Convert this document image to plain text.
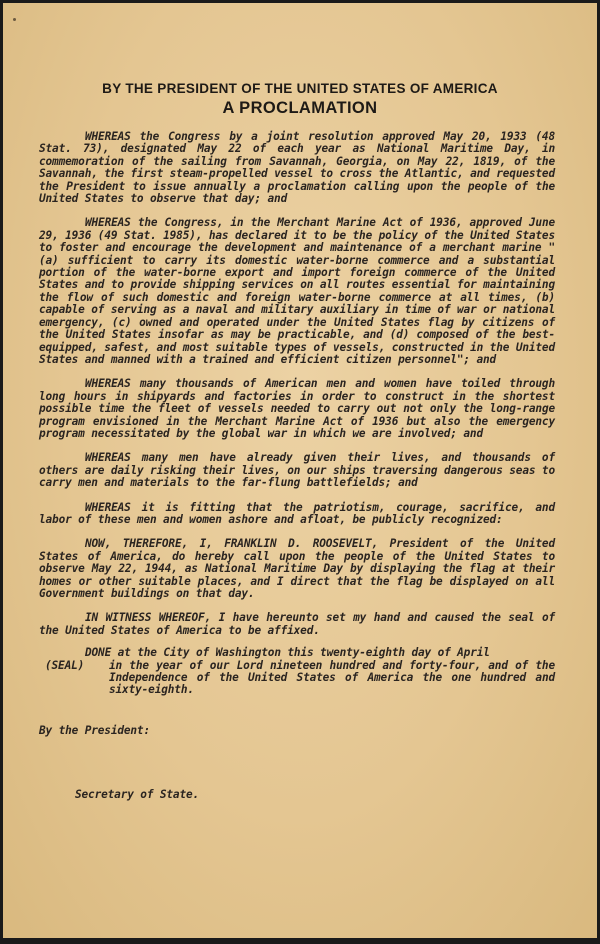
BY THE PRESIDENT OF THE UNITED STATES OF AMERICA
A PROCLAMATION

WHEREAS the Congress by a joint resolution approved May 20, 1933 (48 Stat. 73), designated May 22 of each year as National Maritime Day, in commemoration of the sailing from Savannah, Georgia, on May 22, 1819, of the Savannah, the first steam-propelled vessel to cross the Atlantic, and requested the President to issue annually a proclamation calling upon the people of the United States to observe that day; and

WHEREAS the Congress, in the Merchant Marine Act of 1936, approved June 29, 1936 (49 Stat. 1985), has declared it to be the policy of the United States to foster and encourage the development and maintenance of a merchant marine "(a) sufficient to carry its domestic water-borne commerce and a substantial portion of the water-borne export and import foreign commerce of the United States and to provide shipping services on all routes essential for maintaining the flow of such domestic and foreign water-borne commerce at all times, (b) capable of serving as a naval and military auxiliary in time of war or national emergency, (c) owned and operated under the United States flag by citizens of the United States insofar as may be practicable, and (d) composed of the best-equipped, safest, and most suitable types of vessels, constructed in the United States and manned with a trained and efficient citizen personnel"; and

WHEREAS many thousands of American men and women have toiled through long hours in shipyards and factories in order to construct in the shortest possible time the fleet of vessels needed to carry out not only the long-range program envisioned in the Merchant Marine Act of 1936 but also the emergency program necessitated by the global war in which we are involved; and

WHEREAS many men have already given their lives, and thousands of others are daily risking their lives, on our ships traversing dangerous seas to carry men and materials to the far-flung battlefields; and

WHEREAS it is fitting that the patriotism, courage, sacrifice, and labor of these men and women ashore and afloat, be publicly recognized:

NOW, THEREFORE, I, FRANKLIN D. ROOSEVELT, President of the United States of America, do hereby call upon the people of the United States to observe May 22, 1944, as National Maritime Day by displaying the flag at their homes or other suitable places, and I direct that the flag be displayed on all Government buildings on that day.

IN WITNESS WHEREOF, I have hereunto set my hand and caused the seal of the United States of America to be affixed.

DONE at the City of Washington this twenty-eighth day of April
(SEAL)	in the year of our Lord nineteen hundred and forty-four, and of the Independence of the United States of America the one hundred and sixty-eighth.
By the President:
Secretary of State.
